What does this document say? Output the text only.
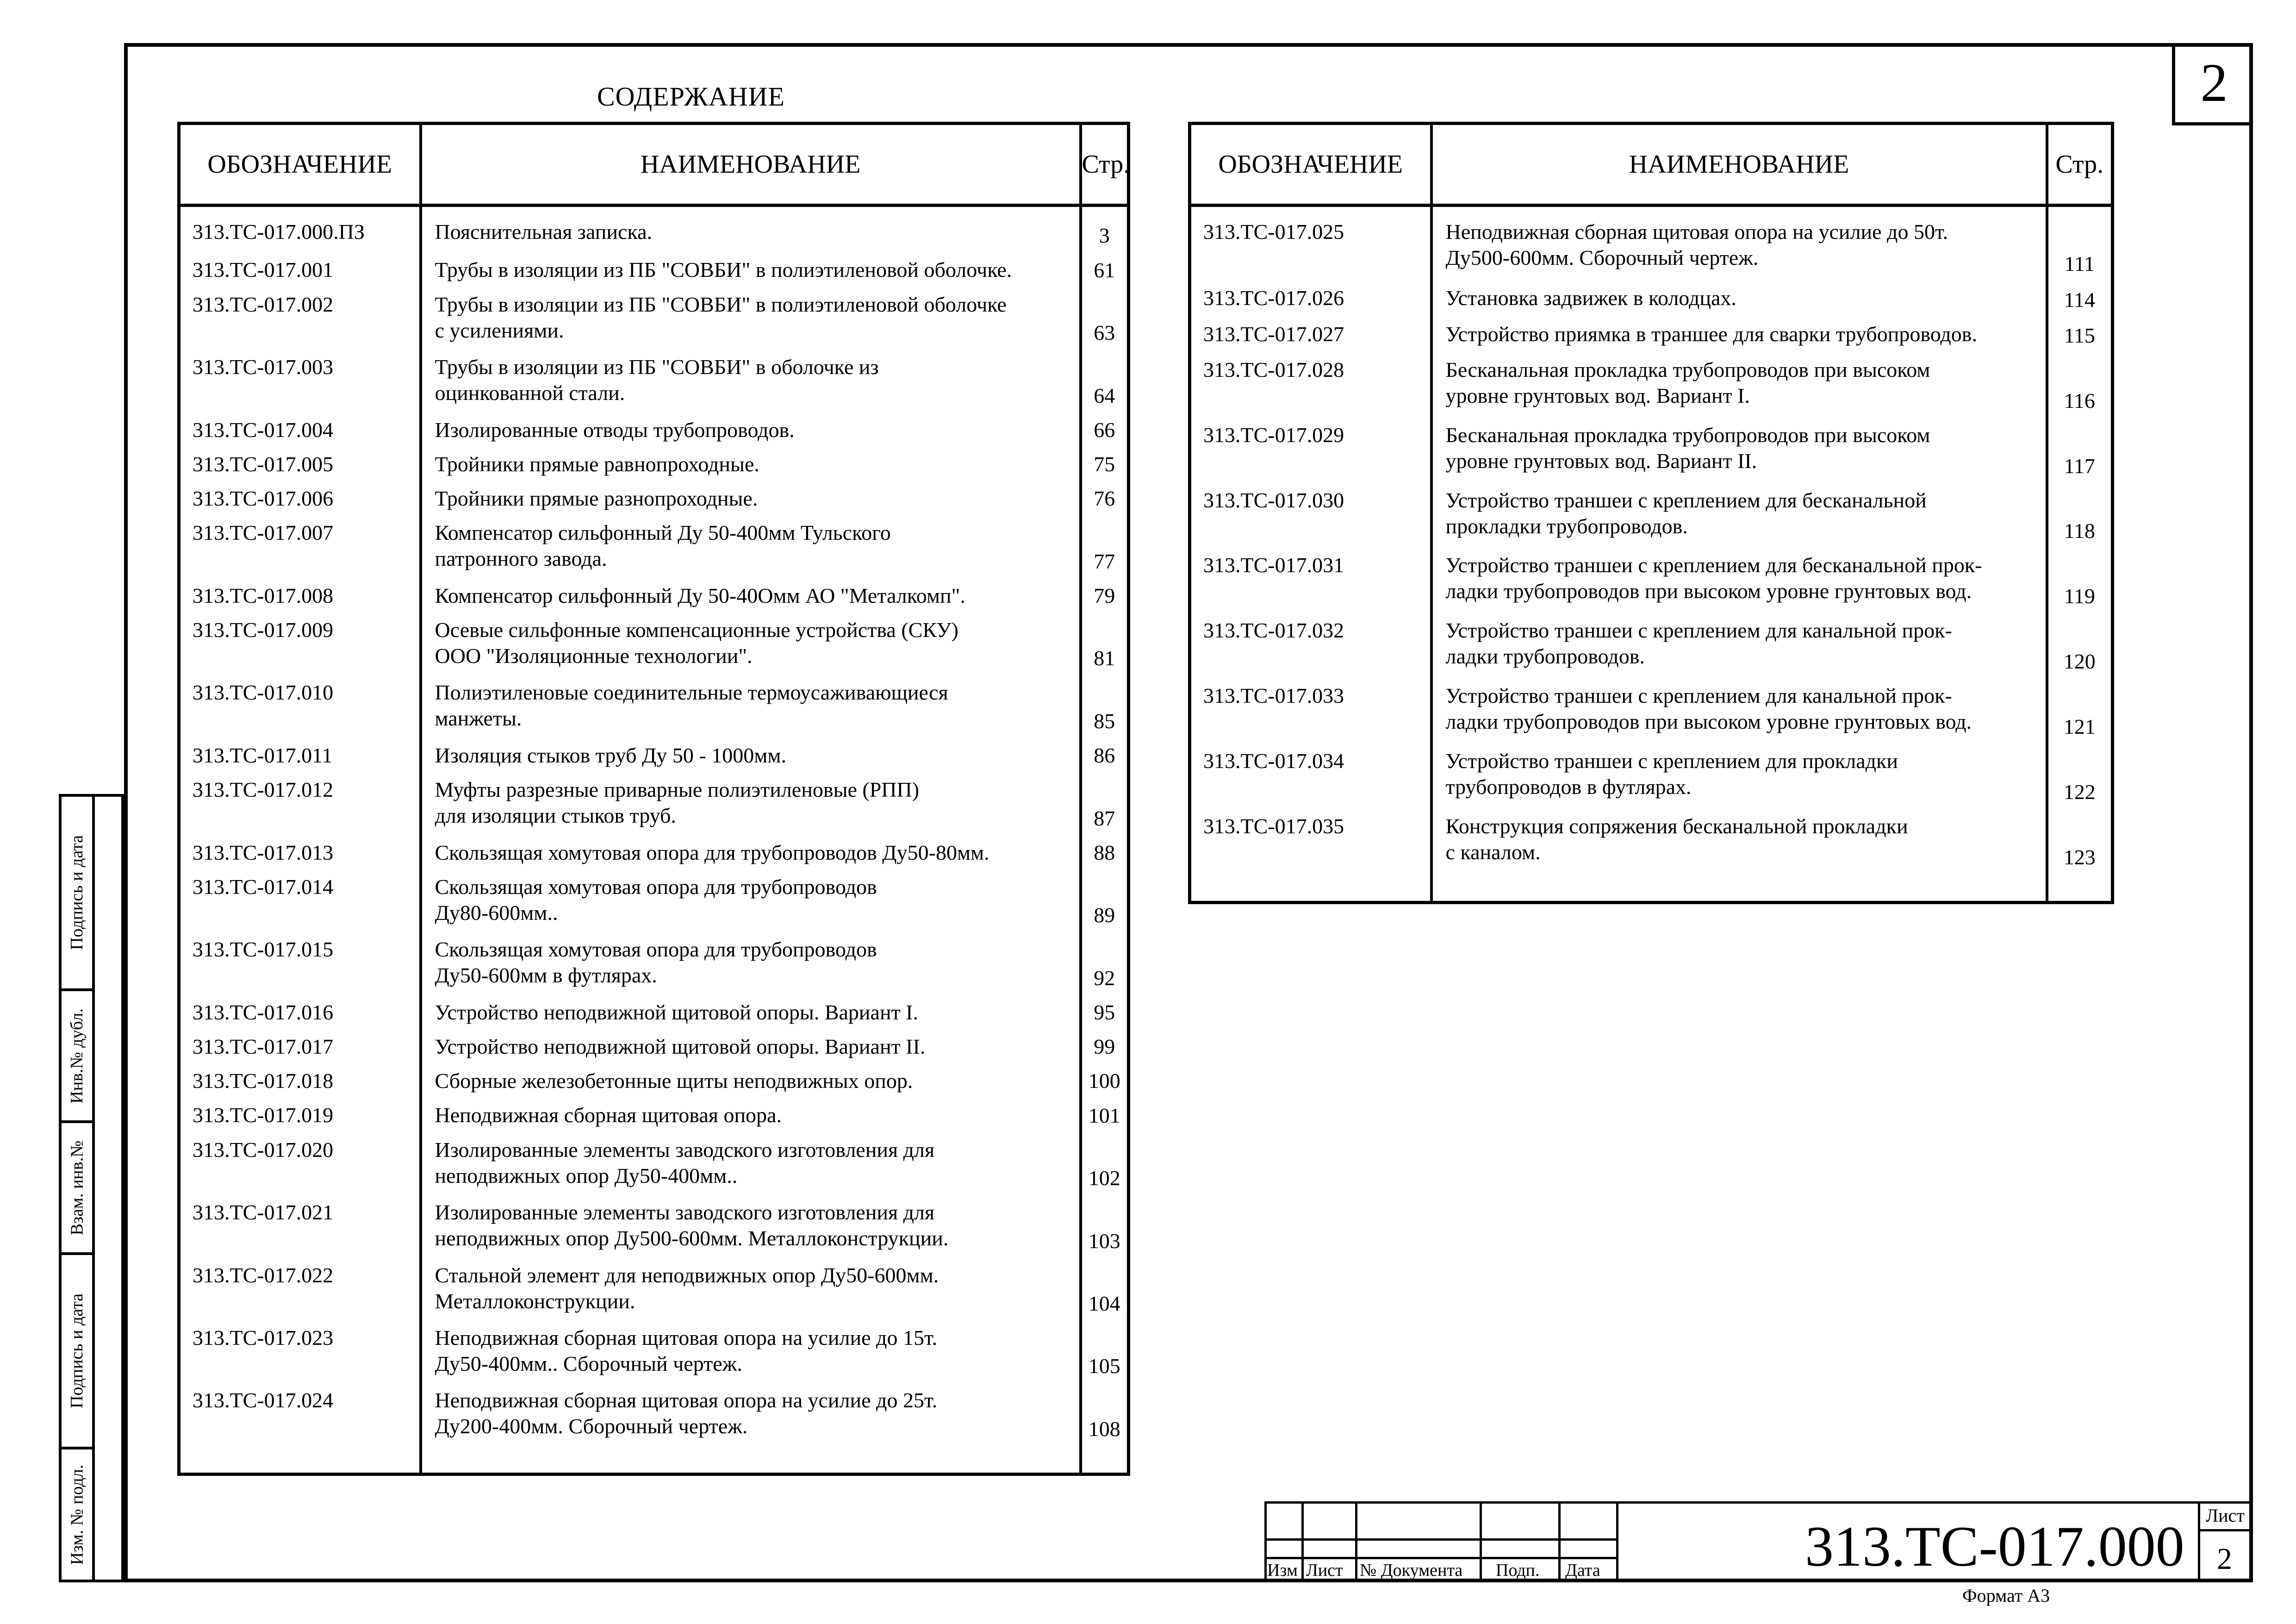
2
СОДЕРЖАНИЕ
ОБОЗНАЧЕНИЕ	НАИМЕНОВАНИЕ	Стр.
313.ТС-017.000.ПЗ	Пояснительная записка.	3
313.ТС-017.001	Трубы в изоляции из ПБ "СОВБИ" в полиэтиленовой оболочке.	61
313.ТС-017.002	Трубы в изоляции из ПБ "СОВБИ" в полиэтиленовой оболочке
с усилениями.	63
313.ТС-017.003	Трубы в изоляции из ПБ "СОВБИ" в оболочке из
оцинкованной стали.	64
313.ТС-017.004	Изолированные отводы трубопроводов.	66
313.ТС-017.005	Тройники прямые равнопроходные.	75
313.ТС-017.006	Тройники прямые разнопроходные.	76
313.ТС-017.007	Компенсатор сильфонный Ду 50-400мм Тульского
патронного завода.	77
313.ТС-017.008	Компенсатор сильфонный Ду 50-40Омм АО "Металкомп".	79
313.ТС-017.009	Осевые сильфонные компенсационные устройства (СКУ)
ООО "Изоляционные технологии".	81
313.ТС-017.010	Полиэтиленовые соединительные термоусаживающиеся
манжеты.	85
313.ТС-017.011	Изоляция стыков труб Ду 50 - 1000мм.	86
313.ТС-017.012	Муфты разрезные приварные полиэтиленовые (РПП)
для изоляции стыков труб.	87
313.ТС-017.013	Скользящая хомутовая опора для трубопроводов Ду50-80мм.	88
313.ТС-017.014	Скользящая хомутовая опора для трубопроводов
Ду80-600мм..	89
313.ТС-017.015	Скользящая хомутовая опора для трубопроводов
Ду50-600мм в футлярах.	92
313.ТС-017.016	Устройство неподвижной щитовой опоры. Вариант I.	95
313.ТС-017.017	Устройство неподвижной щитовой опоры. Вариант II.	99
313.ТС-017.018	Сборные железобетонные щиты неподвижных опор.	100
313.ТС-017.019	Неподвижная сборная щитовая опора.	101
313.ТС-017.020	Изолированные элементы заводского изготовления для
неподвижных опор Ду50-400мм..	102
313.ТС-017.021	Изолированные элементы заводского изготовления для
неподвижных опор Ду500-600мм. Металлоконструкции.	103
313.ТС-017.022	Стальной элемент для неподвижных опор Ду50-600мм.
Металлоконструкции.	104
313.ТС-017.023	Неподвижная сборная щитовая опора на усилие до 15т.
Ду50-400мм.. Сборочный чертеж.	105
313.ТС-017.024	Неподвижная сборная щитовая опора на усилие до 25т.
Ду200-400мм. Сборочный чертеж.	108

ОБОЗНАЧЕНИЕ	НАИМЕНОВАНИЕ	Стр.
313.ТС-017.025	Неподвижная сборная щитовая опора на усилие до 50т.
Ду500-600мм. Сборочный чертеж.	111
313.ТС-017.026	Установка задвижек в колодцах.	114
313.ТС-017.027	Устройство приямка в траншее для сварки трубопроводов.	115
313.ТС-017.028	Бесканальная прокладка трубопроводов при высоком
уровне грунтовых вод. Вариант I.	116
313.ТС-017.029	Бесканальная прокладка трубопроводов при высоком
уровне грунтовых вод. Вариант II.	117
313.ТС-017.030	Устройство траншеи с креплением для бесканальной
прокладки трубопроводов.	118
313.ТС-017.031	Устройство траншеи с креплением для бесканальной прок-
ладки трубопроводов при высоком уровне грунтовых вод.	119
313.ТС-017.032	Устройство траншеи с креплением для канальной прок-
ладки трубопроводов.	120
313.ТС-017.033	Устройство траншеи с креплением для канальной прок-
ладки трубопроводов при высоком уровне грунтовых вод.	121
313.ТС-017.034	Устройство траншеи с креплением для прокладки
трубопроводов в футлярах.	122
313.ТС-017.035	Конструкция сопряжения бесканальной прокладки
с каналом.	123

Подпись и дата
Инв.№ дубл.
Взам. инв.№
Подпись и дата
Изм. № подл.
Изм Лист № Документа Подп. Дата	313.ТС-017.000 Лист
2
Формат А3
